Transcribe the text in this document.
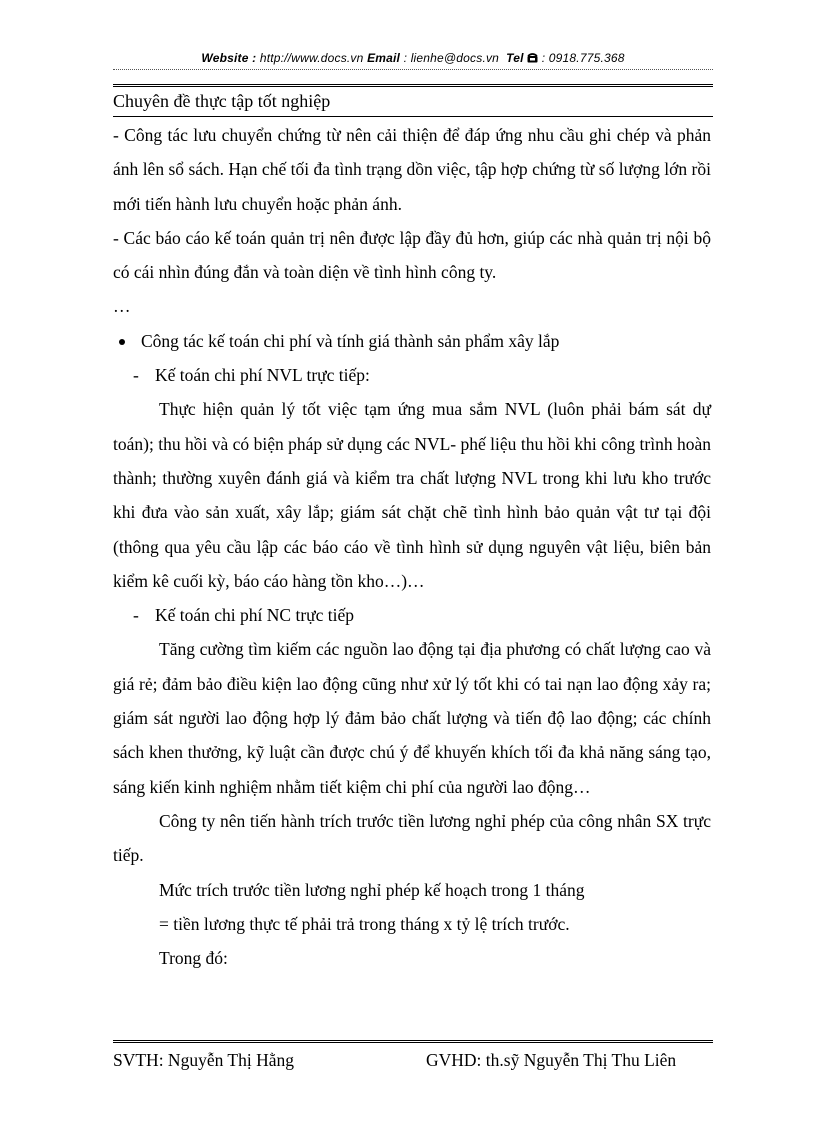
Website : http://www.docs.vn Email : lienhe@docs.vn Tel : 0918.775.368
Chuyên đề thực tập tốt nghiệp

- Công tác lưu chuyển chứng từ nên cải thiện để đáp ứng nhu cầu ghi chép và phản ánh lên sổ sách. Hạn chế tối đa tình trạng dồn việc, tập hợp chứng từ số lượng lớn rồi mới tiến hành lưu chuyển hoặc phản ánh.

- Các báo cáo kế toán quản trị nên được lập đầy đủ hơn, giúp các nhà quản trị nội bộ có cái nhìn đúng đắn và toàn diện về tình hình công ty.

…

Công tác kế toán chi phí và tính giá thành sản phẩm xây lắp

- Kế toán chi phí NVL trực tiếp:

Thực hiện quản lý tốt việc tạm ứng mua sắm NVL (luôn phải bám sát dự toán); thu hồi và có biện pháp sử dụng các NVL- phế liệu thu hồi khi công trình hoàn thành; thường xuyên đánh giá và kiểm tra chất lượng NVL trong khi lưu kho trước khi đưa vào sản xuất, xây lắp; giám sát chặt chẽ tình hình bảo quản vật tư tại đội (thông qua yêu cầu lập các báo cáo về tình hình sử dụng nguyên vật liệu, biên bản kiểm kê cuối kỳ, báo cáo hàng tồn kho…)…

- Kế toán chi phí NC trực tiếp

Tăng cường tìm kiếm các nguồn lao động tại địa phương có chất lượng cao và giá rẻ; đảm bảo điều kiện lao động cũng như xử lý tốt khi có tai nạn lao động xảy ra; giám sát người lao động hợp lý đảm bảo chất lượng và tiến độ lao động; các chính sách khen thưởng, kỹ luật cần được chú ý để khuyến khích tối đa khả năng sáng tạo, sáng kiến kinh nghiệm nhằm tiết kiệm chi phí của người lao động…

Công ty nên tiến hành trích trước tiền lương nghỉ phép của công nhân SX trực tiếp.

Mức trích trước tiền lương nghỉ phép kế hoạch trong 1 tháng

= tiền lương thực tế phải trả trong tháng x tỷ lệ trích trước.

Trong đó:

SVTH: Nguyễn Thị Hằng	GVHD: th.sỹ Nguyễn Thị Thu Liên
